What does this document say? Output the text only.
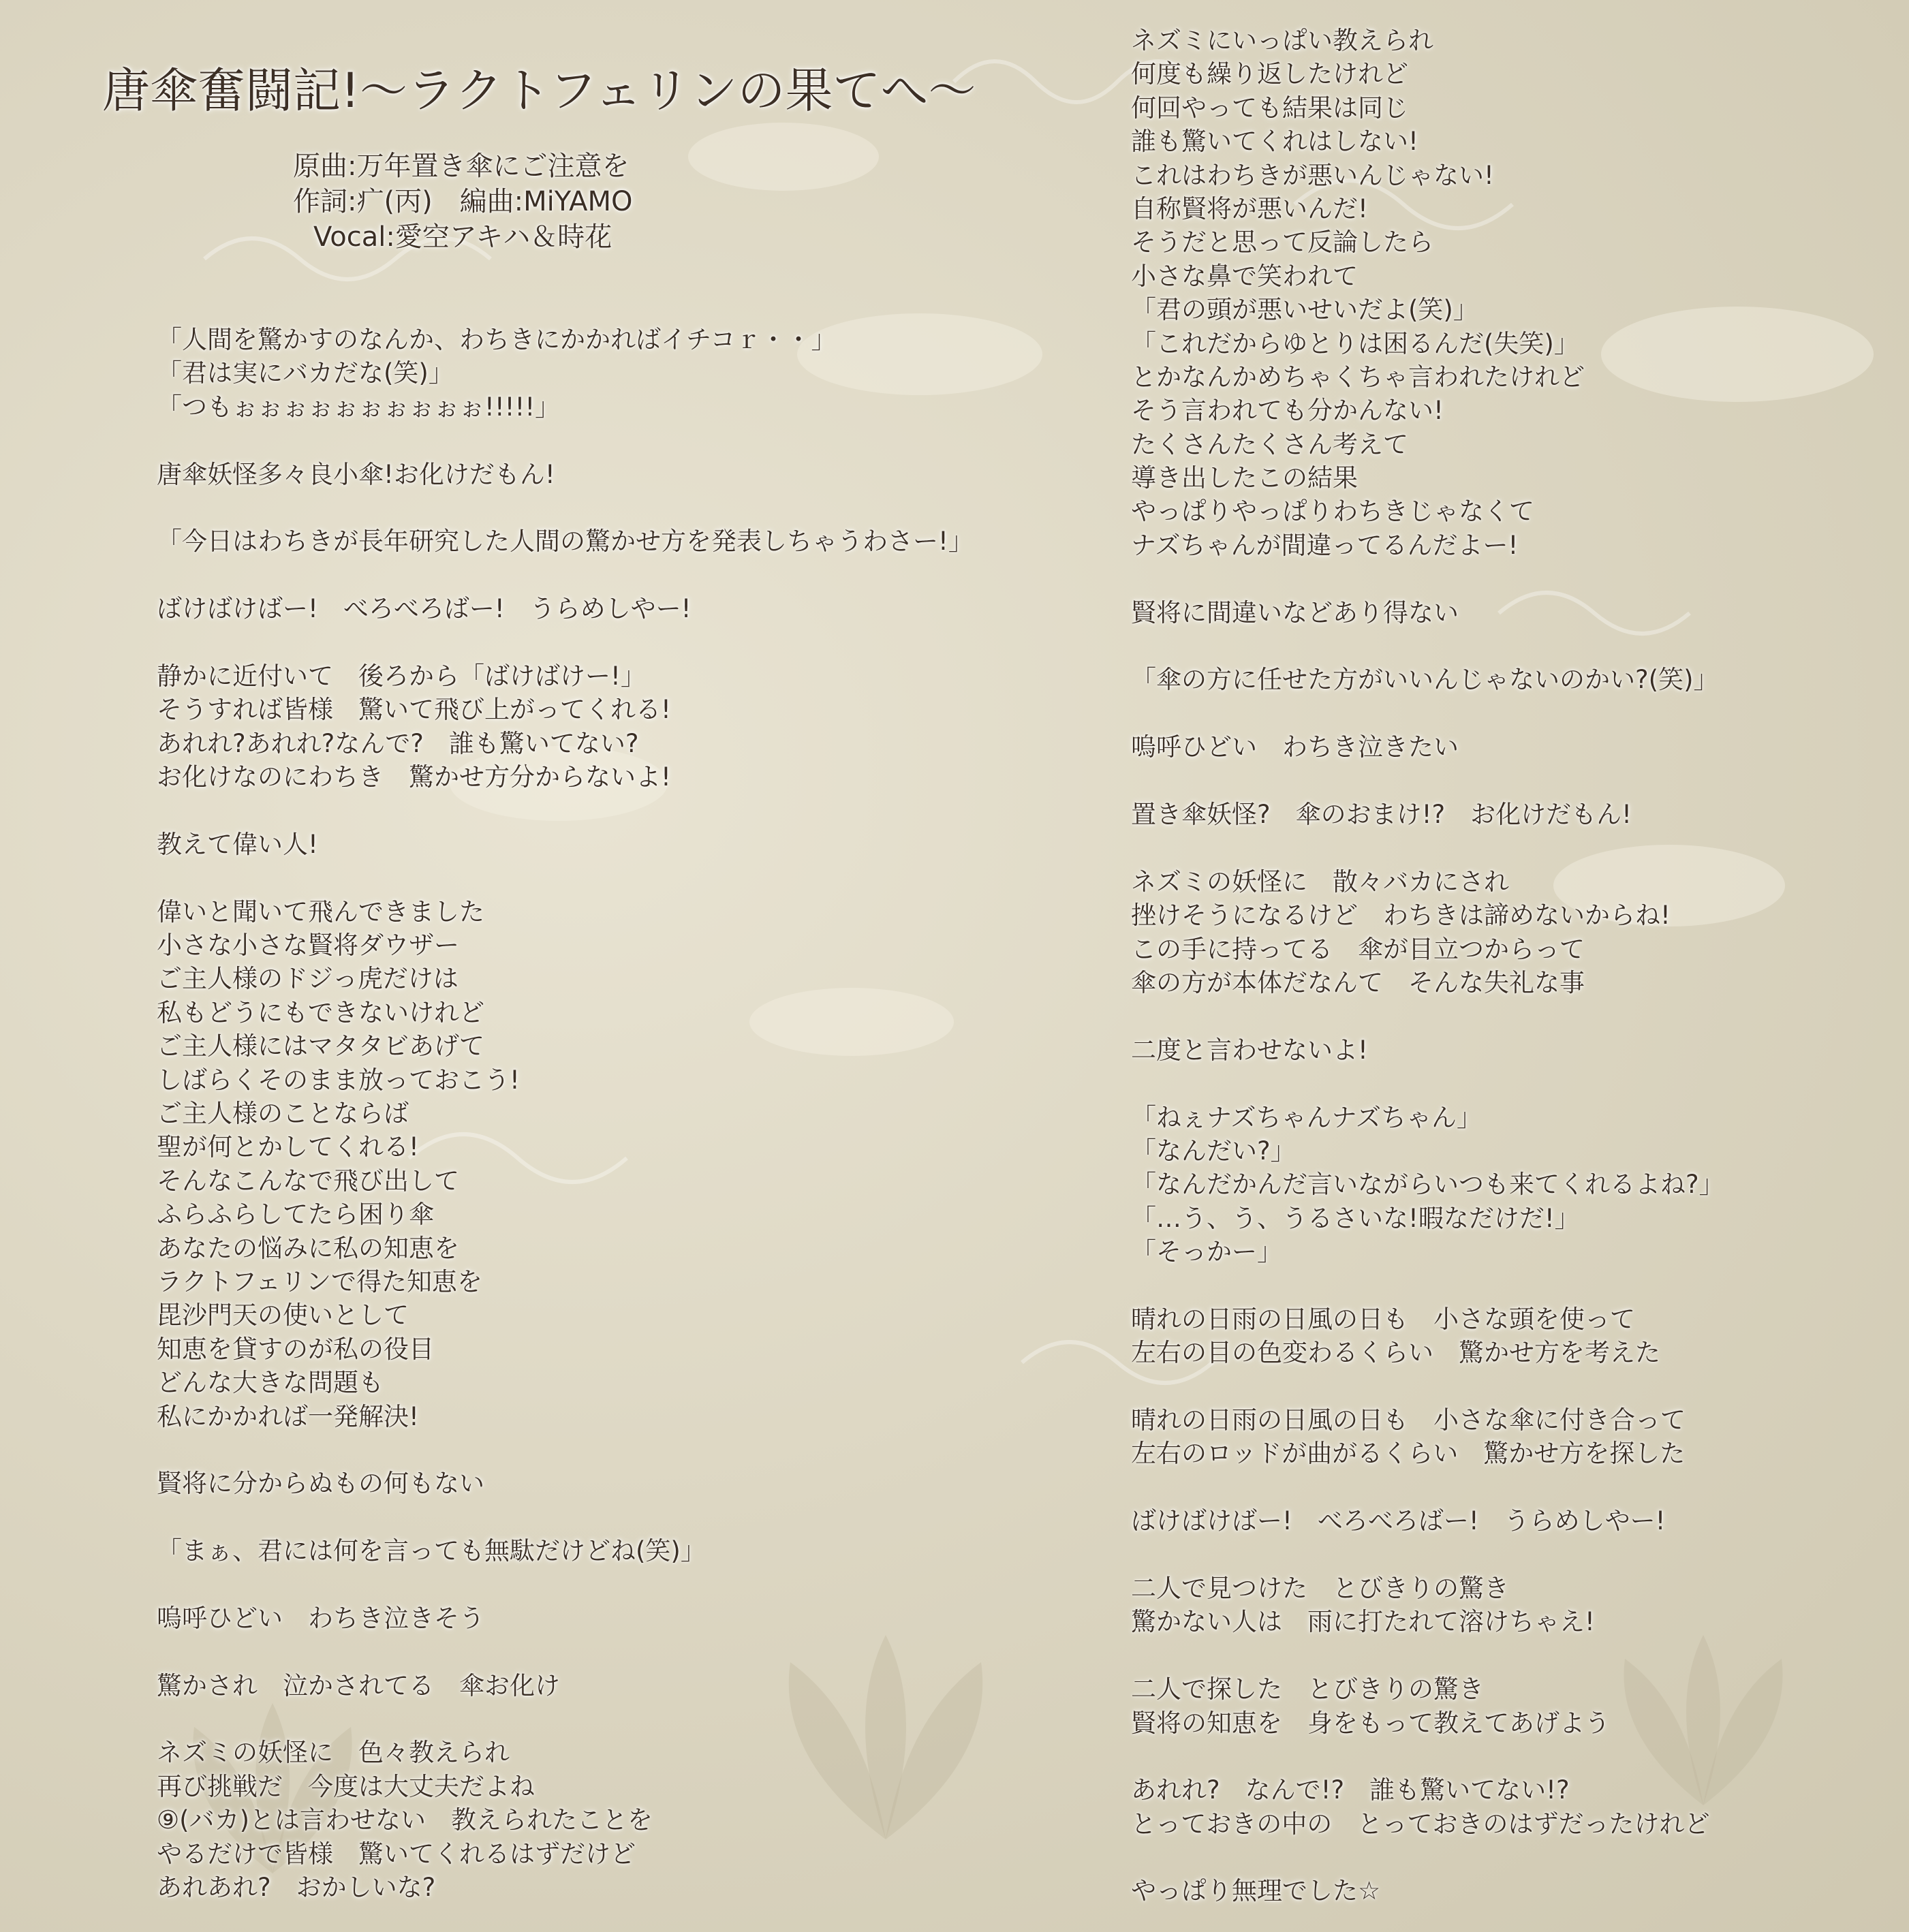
唐傘奮闘記!〜ラクトフェリンの果てへ〜
原曲:万年置き傘にご注意を
作詞:疒(丙)　編曲:MiYAMO
Vocal:愛空アキハ＆時花
「人間を驚かすのなんか、わちきにかかればイチコｒ・・」
「君は実にバカだな(笑)」
「つもぉぉぉぉぉぉぉぉぉぉ!!!!!」
唐傘妖怪多々良小傘!お化けだもん!
「今日はわちきが長年研究した人間の驚かせ方を発表しちゃうわさー!」
ばけばけばー!　べろべろばー!　うらめしやー!
静かに近付いて　後ろから「ばけばけー!」
そうすれば皆様　驚いて飛び上がってくれる!
あれれ?あれれ?なんで?　誰も驚いてない?
お化けなのにわちき　驚かせ方分からないよ!
教えて偉い人!
偉いと聞いて飛んできました
小さな小さな賢将ダウザー
ご主人様のドジっ虎だけは
私もどうにもできないけれど
ご主人様にはマタタビあげて
しばらくそのまま放っておこう!
ご主人様のことならば
聖が何とかしてくれる!
そんなこんなで飛び出して
ふらふらしてたら困り傘
あなたの悩みに私の知恵を
ラクトフェリンで得た知恵を
毘沙門天の使いとして
知恵を貸すのが私の役目
どんな大きな問題も
私にかかれば一発解決!
賢将に分からぬもの何もない
「まぁ、君には何を言っても無駄だけどね(笑)」
嗚呼ひどい　わちき泣きそう
驚かされ　泣かされてる　傘お化け
ネズミの妖怪に　色々教えられ
再び挑戦だ　今度は大丈夫だよね
⑨(バカ)とは言わせない　教えられたことを
やるだけで皆様　驚いてくれるはずだけど
あれあれ?　おかしいな?
ネズミにいっぱい教えられ
何度も繰り返したけれど
何回やっても結果は同じ
誰も驚いてくれはしない!
これはわちきが悪いんじゃない!
自称賢将が悪いんだ!
そうだと思って反論したら
小さな鼻で笑われて
「君の頭が悪いせいだよ(笑)」
「これだからゆとりは困るんだ(失笑)」
とかなんかめちゃくちゃ言われたけれど
そう言われても分かんない!
たくさんたくさん考えて
導き出したこの結果
やっぱりやっぱりわちきじゃなくて
ナズちゃんが間違ってるんだよー!
賢将に間違いなどあり得ない
「傘の方に任せた方がいいんじゃないのかい?(笑)」
嗚呼ひどい　わちき泣きたい
置き傘妖怪?　傘のおまけ!?　お化けだもん!
ネズミの妖怪に　散々バカにされ
挫けそうになるけど　わちきは諦めないからね!
この手に持ってる　傘が目立つからって
傘の方が本体だなんて　そんな失礼な事
二度と言わせないよ!
「ねぇナズちゃんナズちゃん」
「なんだい?」
「なんだかんだ言いながらいつも来てくれるよね?」
「…う、う、うるさいな!暇なだけだ!」
「そっかー」
晴れの日雨の日風の日も　小さな頭を使って
左右の目の色変わるくらい　驚かせ方を考えた
晴れの日雨の日風の日も　小さな傘に付き合って
左右のロッドが曲がるくらい　驚かせ方を探した
ばけばけばー!　べろべろばー!　うらめしやー!
二人で見つけた　とびきりの驚き
驚かない人は　雨に打たれて溶けちゃえ!
二人で探した　とびきりの驚き
賢将の知恵を　身をもって教えてあげよう
あれれ?　なんで!?　誰も驚いてない!?
とっておきの中の　とっておきのはずだったけれど
やっぱり無理でした☆
